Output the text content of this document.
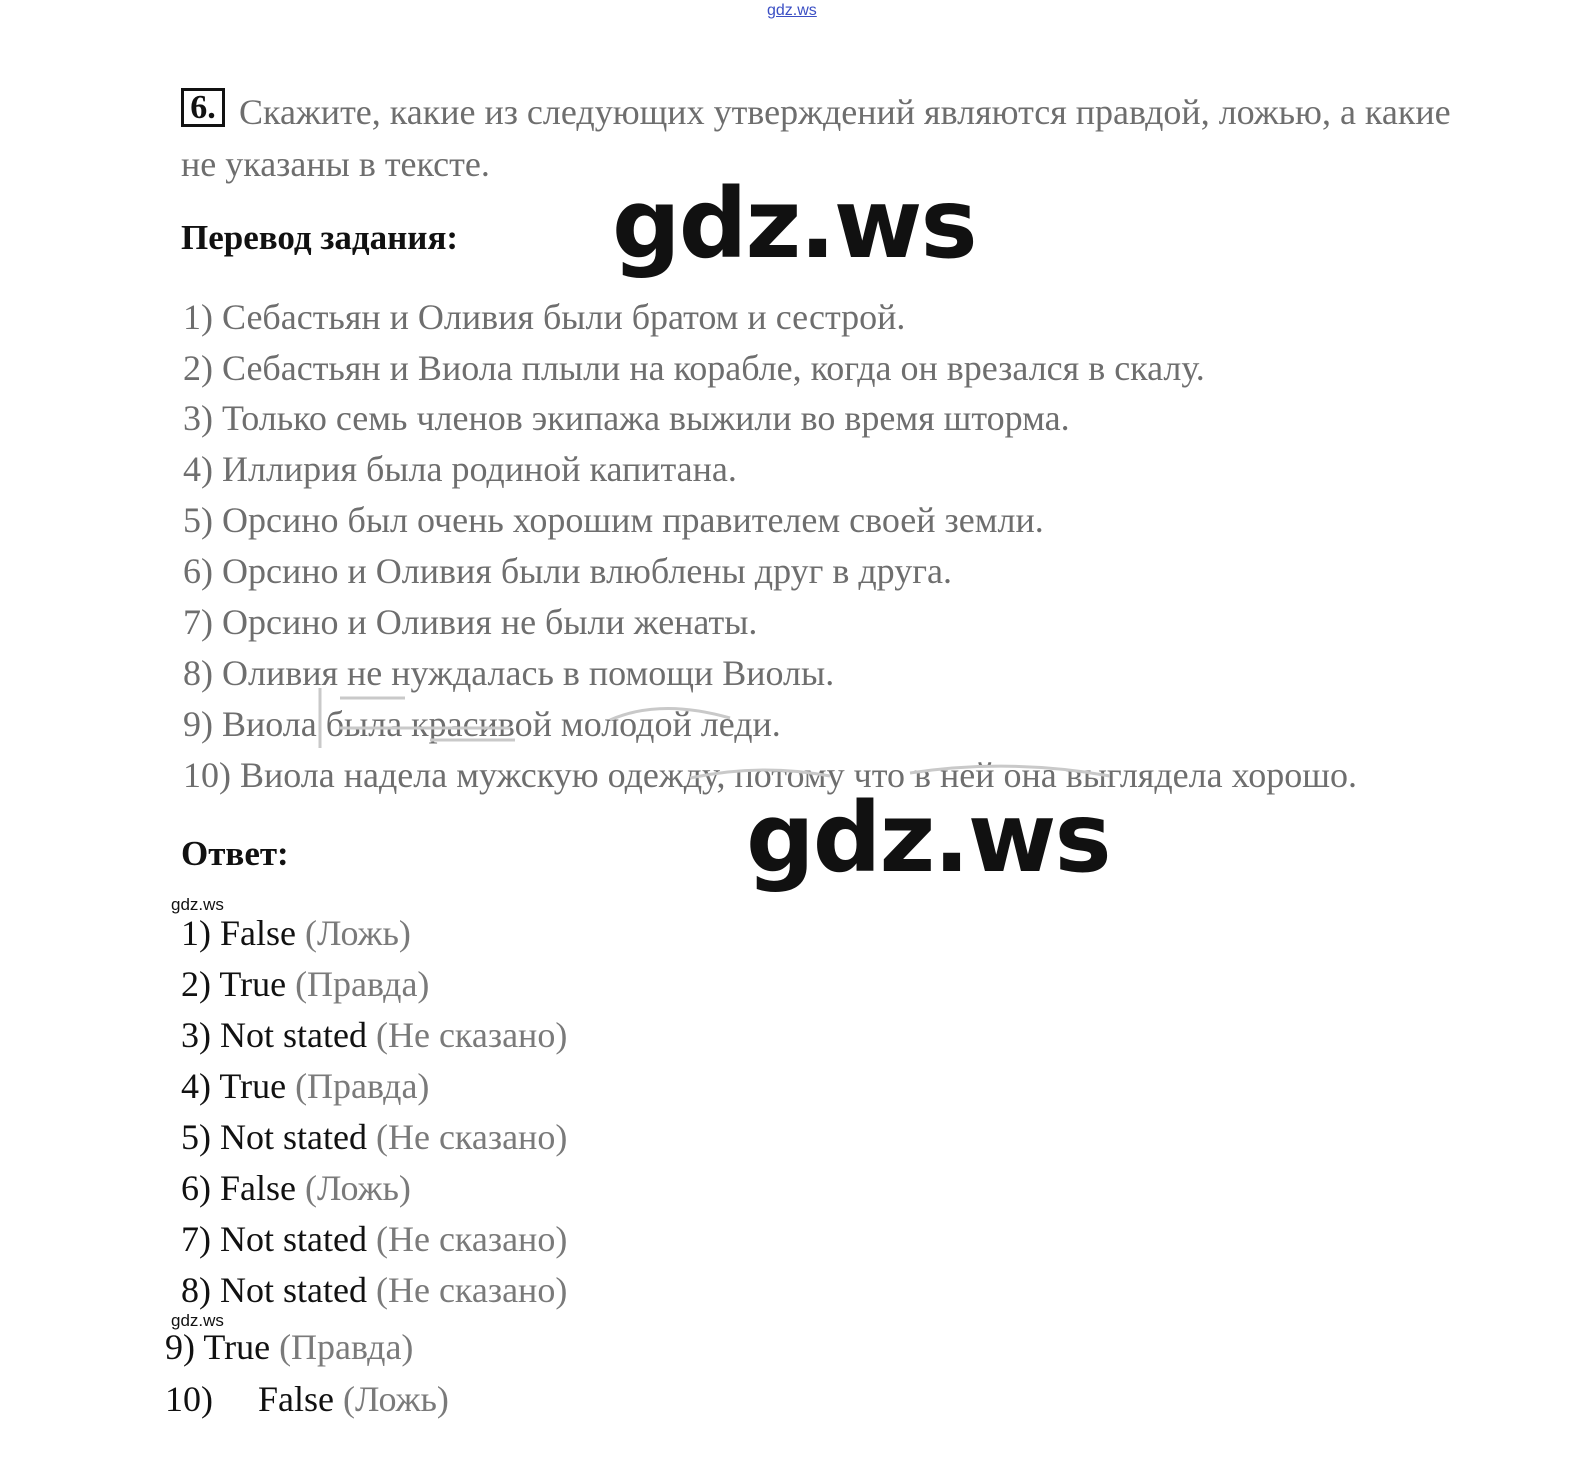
gdz.ws
6. Скажите, какие из следующих утверждений являются правдой, ложью, а какие не указаны в тексте.
Перевод задания: gdz.ws
1) Себастьян и Оливия были братом и сестрой.
2) Себастьян и Виола плыли на корабле, когда он врезался в скалу.
3) Только семь членов экипажа выжили во время шторма.
4) Иллирия была родиной капитана.
5) Орсино был очень хорошим правителем своей земли.
6) Орсино и Оливия были влюблены друг в друга.
7) Орсино и Оливия не были женаты.
8) Оливия не нуждалась в помощи Виолы.
9) Виола была красивой молодой леди.
10) Виола надела мужскую одежду, потому что в ней она выглядела хорошо.
Ответ:	gdz.ws
gdz.ws
1) False (Ложь)
2) True (Правда)
3) Not stated (Не сказано)
4) True (Правда)
5) Not stated (Не сказано)
6) False (Ложь)
7) Not stated (Не сказано)
8) Not stated (Не сказано)
gdz.ws
9) True (Правда)
10) False (Ложь)
